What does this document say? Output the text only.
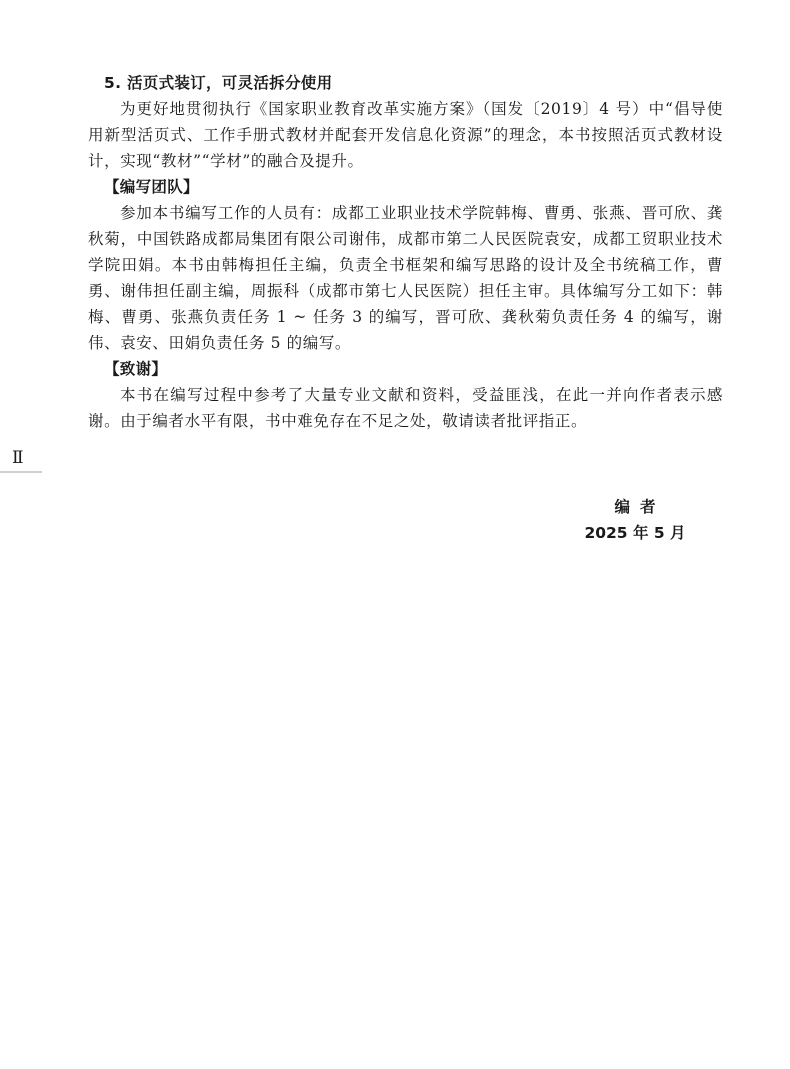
5. 活页式装订，可灵活拆分使用

为更好地贯彻执行《国家职业教育改革实施方案》（国发〔2019〕4 号）中“倡导使用新型活页式、工作手册式教材并配套开发信息化资源”的理念，本书按照活页式教材设计，实现“教材”“学材”的融合及提升。

【编写团队】

参加本书编写工作的人员有：成都工业职业技术学院韩梅、曹勇、张燕、晋可欣、龚秋菊，中国铁路成都局集团有限公司谢伟，成都市第二人民医院袁安，成都工贸职业技术学院田娟。本书由韩梅担任主编，负责全书框架和编写思路的设计及全书统稿工作，曹勇、谢伟担任副主编，周振科（成都市第七人民医院）担任主审。具体编写分工如下：韩梅、曹勇、张燕负责任务 1 ~ 任务 3 的编写，晋可欣、龚秋菊负责任务 4 的编写，谢伟、袁安、田娟负责任务 5 的编写。

【致谢】

本书在编写过程中参考了大量专业文献和资料，受益匪浅，在此一并向作者表示感谢。由于编者水平有限，书中难免存在不足之处，敬请读者批评指正。

Ⅱ
编者
2025 年 5 月
